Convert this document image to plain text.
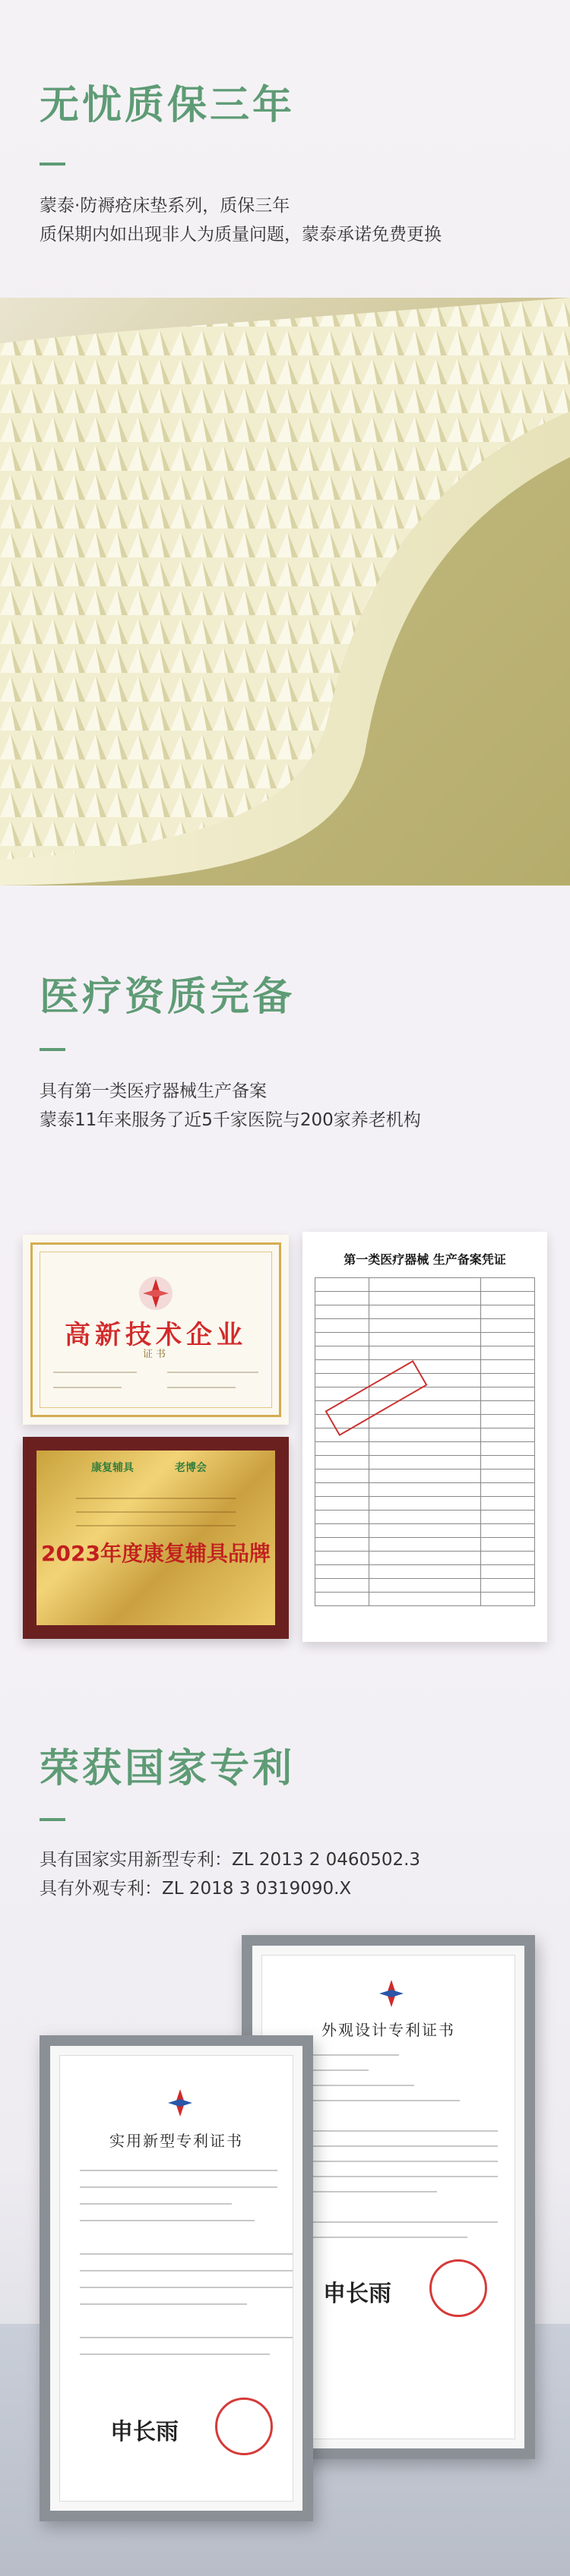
无忧质保三年
蒙泰·防褥疮床垫系列，质保三年
质保期内如出现非人为质量问题，蒙泰承诺免费更换
医疗资质完备
具有第一类医疗器械生产备案
蒙泰11年来服务了近5千家医院与200家养老机构
高新技术企业
证书
康复辅具	老博会
2023年度康复辅具品牌
第一类医疗器械 生产备案凭证

荣获国家专利
具有国家实用新型专利：ZL 2013 2 0460502.3
具有外观专利：ZL 2018 3 0319090.X
外观设计专利证书
申长雨
实用新型专利证书
申长雨
